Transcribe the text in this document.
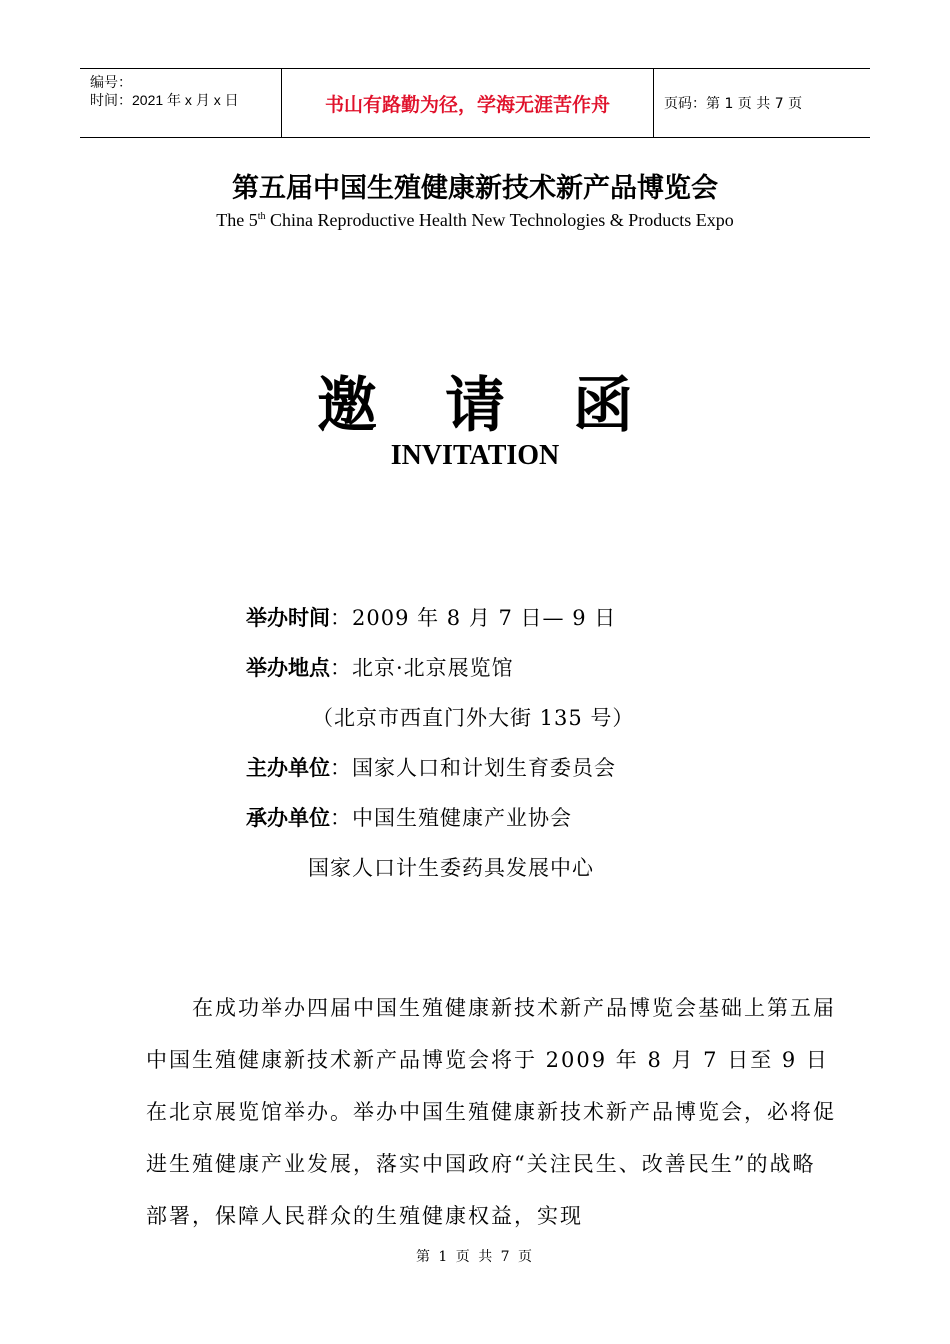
编号：
时间：2021 年 x 月 x 日	书山有路勤为径，学海无涯苦作舟	页码：第 1 页 共 7 页
第五届中国生殖健康新技术新产品博览会
The 5th China Reproductive Health New Technologies & Products Expo
邀 请 函
INVITATION
举办时间 ：2009 年 8 月 7 日— 9 日
举办地点 ：北京·北京展览馆
（北京市西直门外大街 135 号）
主办单位 ：国家人口和计划生育委员会
承办单位 ：中国生殖健康产业协会
国家人口计生委药具发展中心

在成功举办四届中国生殖健康新技术新产品博览会基础上第五届中国生殖健康新技术新产品博览会将于 2009 年 8 月 7 日至 9 日在北京展览馆举办。举办中国生殖健康新技术新产品博览会，必将促进生殖健康产业发展，落实中国政府“关注民生、改善民生”的战略部署，保障人民群众的生殖健康权益，实现

第 1 页 共 7 页
